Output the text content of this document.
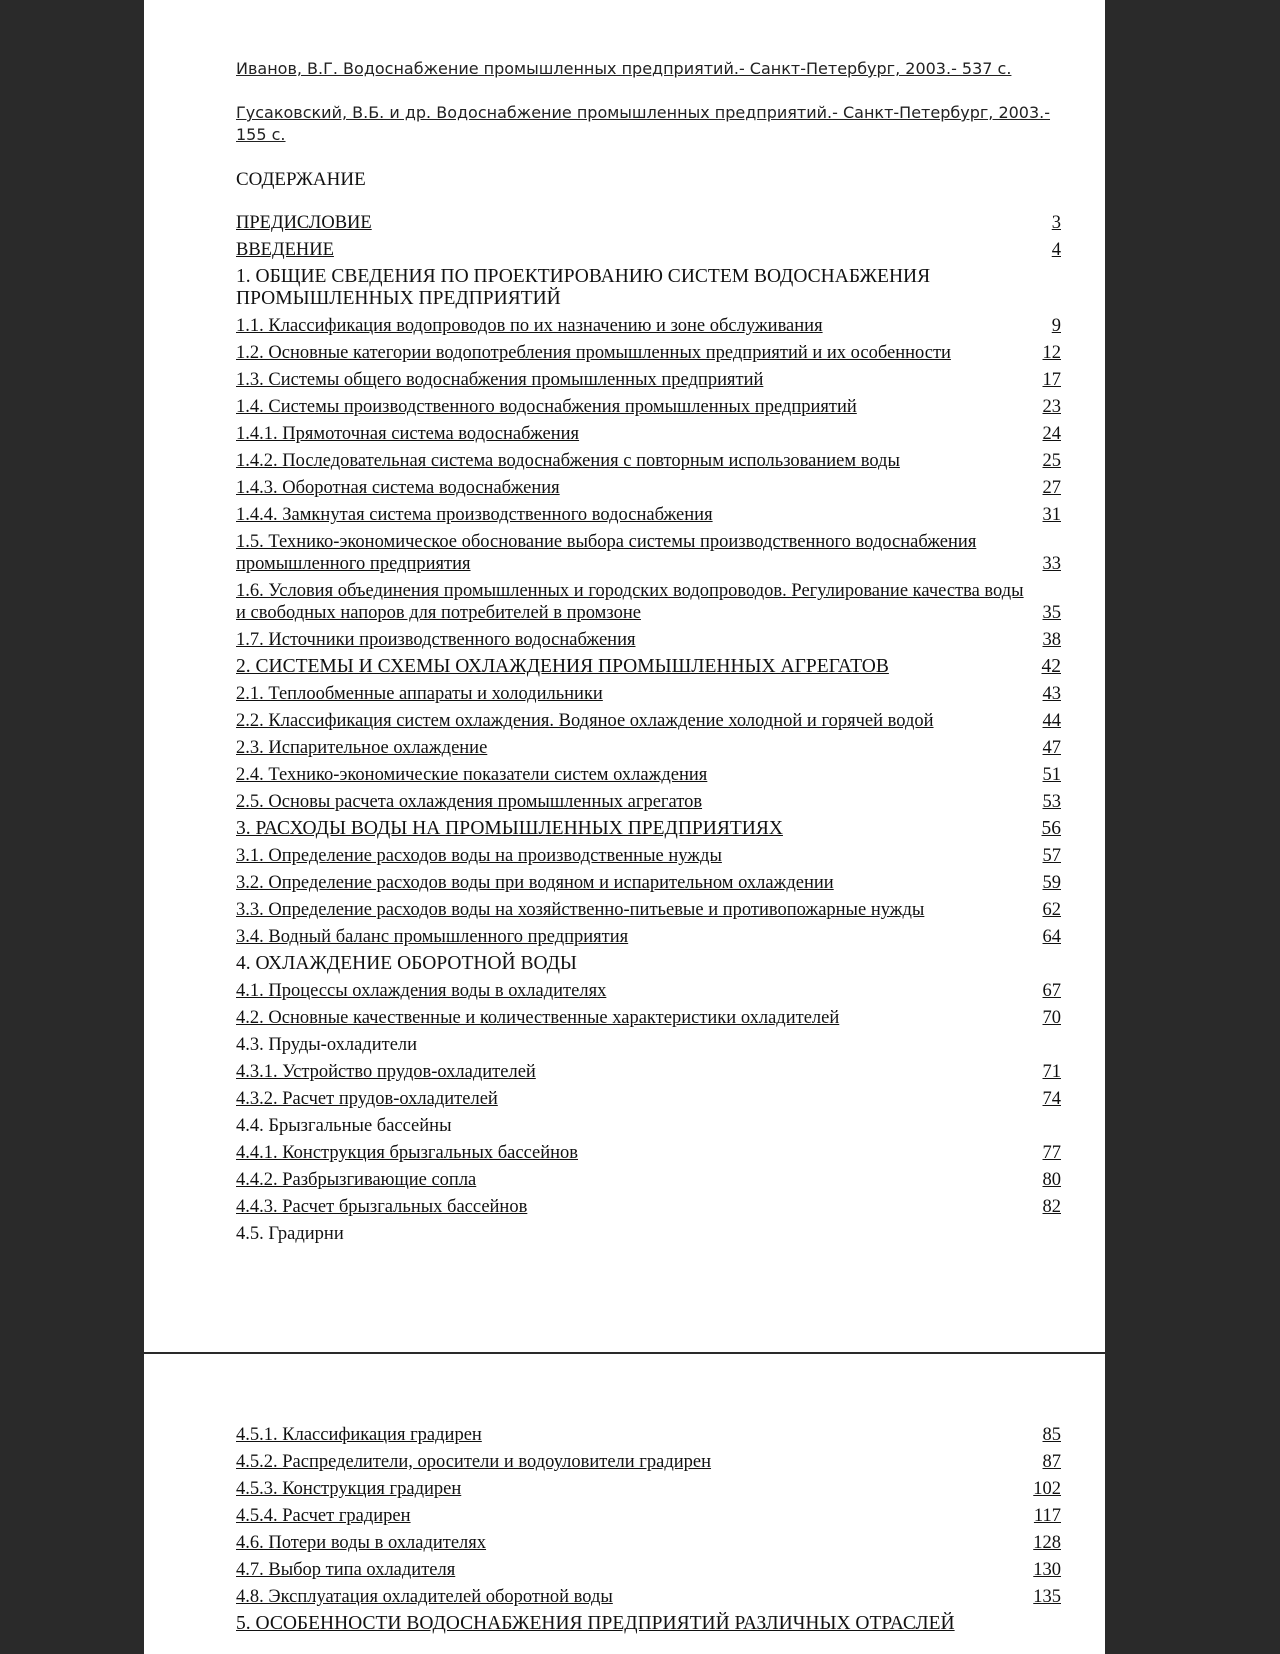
Иванов, В.Г. Водоснабжение промышленных предприятий.- Санкт-Петербург, 2003.- 537 с.

Гусаковский, В.Б. и др. Водоснабжение промышленных предприятий.- Санкт-Петербург, 2003.- 155 с.

СОДЕРЖАНИЕ
ПРЕДИСЛОВИЕ	3
ВВЕДЕНИЕ	4
1. ОБЩИЕ СВЕДЕНИЯ ПО ПРОЕКТИРОВАНИЮ СИСТЕМ ВОДОСНАБЖЕНИЯ ПРОМЫШЛЕННЫХ ПРЕДПРИЯТИЙ
1.1. Классификация водопроводов по их назначению и зоне обслуживания	9
1.2. Основные категории водопотребления промышленных предприятий и их особенности	12
1.3. Системы общего водоснабжения промышленных предприятий	17
1.4. Системы производственного водоснабжения промышленных предприятий	23
1.4.1. Прямоточная система водоснабжения	24
1.4.2. Последовательная система водоснабжения с повторным использованием воды	25
1.4.3. Оборотная система водоснабжения	27
1.4.4. Замкнутая система производственного водоснабжения	31
1.5. Технико-экономическое обоснование выбора системы производственного водоснабжения промышленного предприятия	33
1.6. Условия объединения промышленных и городских водопроводов. Регулирование качества воды и свободных напоров для потребителей в промзоне	35
1.7. Источники производственного водоснабжения	38
2. СИСТЕМЫ И СХЕМЫ ОХЛАЖДЕНИЯ ПРОМЫШЛЕННЫХ АГРЕГАТОВ	42
2.1. Теплообменные аппараты и холодильники	43
2.2. Классификация систем охлаждения. Водяное охлаждение холодной и горячей водой	44
2.3. Испарительное охлаждение	47
2.4. Технико-экономические показатели систем охлаждения	51
2.5. Основы расчета охлаждения промышленных агрегатов	53
3. РАСХОДЫ ВОДЫ НА ПРОМЫШЛЕННЫХ ПРЕДПРИЯТИЯХ	56
3.1. Определение расходов воды на производственные нужды	57
3.2. Определение расходов воды при водяном и испарительном охлаждении	59
3.3. Определение расходов воды на хозяйственно-питьевые и противопожарные нужды	62
3.4. Водный баланс промышленного предприятия	64
4. ОХЛАЖДЕНИЕ ОБОРОТНОЙ ВОДЫ
4.1. Процессы охлаждения воды в охладителях	67
4.2. Основные качественные и количественные характеристики охладителей	70
4.3. Пруды-охладители
4.3.1. Устройство прудов-охладителей	71
4.3.2. Расчет прудов-охладителей	74
4.4. Брызгальные бассейны
4.4.1. Конструкция брызгальных бассейнов	77
4.4.2. Разбрызгивающие сопла	80
4.4.3. Расчет брызгальных бассейнов	82
4.5. Градирни
4.5.1. Классификация градирен	85
4.5.2. Распределители, оросители и водоуловители градирен	87
4.5.3. Конструкция градирен	102
4.5.4. Расчет градирен	117
4.6. Потери воды в охладителях	128
4.7. Выбор типа охладителя	130
4.8. Эксплуатация охладителей оборотной воды	135
5. ОСОБЕННОСТИ ВОДОСНАБЖЕНИЯ ПРЕДПРИЯТИЙ РАЗЛИЧНЫХ ОТРАСЛЕЙ
